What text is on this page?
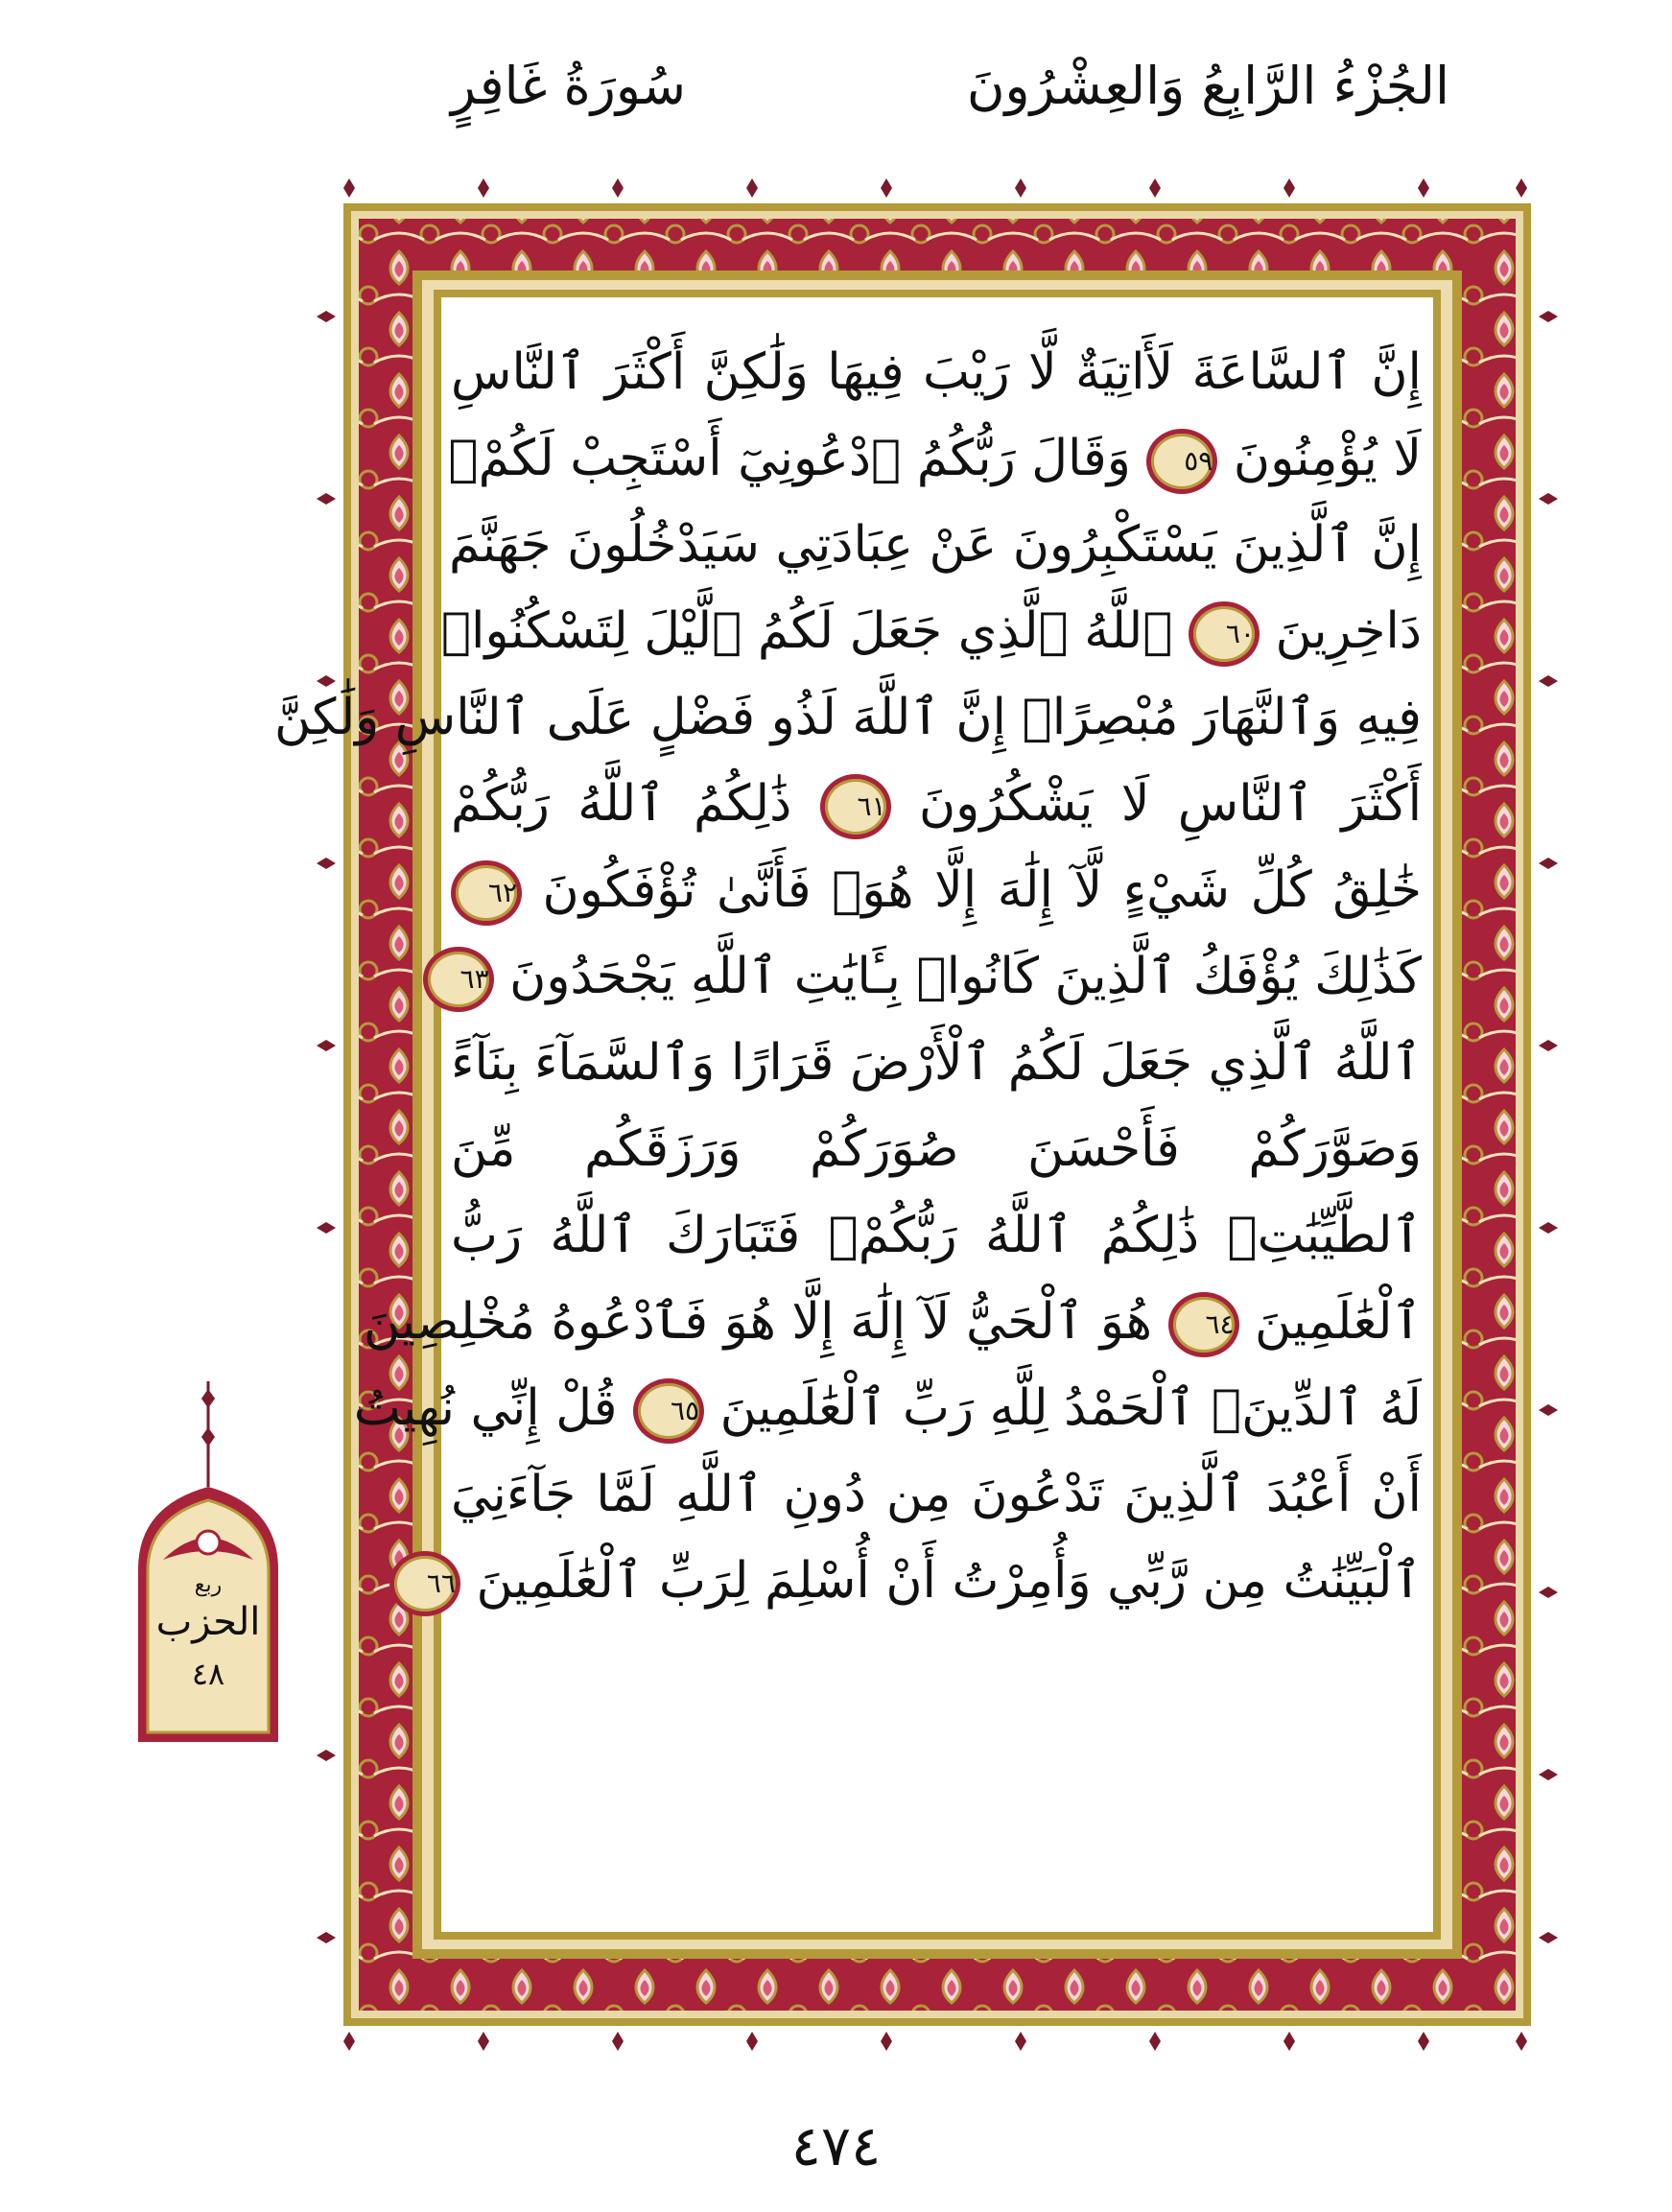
الجُزْءُ الرَّابِعُ وَالعِشْرُونَ
سُورَةُ غَافِرٍ
إِنَّ ٱلسَّاعَةَ لَأَاتِيَةٌ لَّا رَيْبَ فِيهَا وَلَٰكِنَّ أَكْثَرَ ٱلنَّاسِ
لَا يُؤْمِنُونَ ٥٩ وَقَالَ رَبُّكُمُ ٱدْعُونِيٓ أَسْتَجِبْ لَكُمْۚ
إِنَّ ٱلَّذِينَ يَسْتَكْبِرُونَ عَنْ عِبَادَتِي سَيَدْخُلُونَ جَهَنَّمَ
دَاخِرِينَ ٦٠ ٱللَّهُ ٱلَّذِي جَعَلَ لَكُمُ ٱلَّيْلَ لِتَسْكُنُوا۟
فِيهِ وَٱلنَّهَارَ مُبْصِرًاۚ إِنَّ ٱللَّهَ لَذُو فَضْلٍ عَلَى ٱلنَّاسِ وَلَٰكِنَّ
أَكْثَرَ ٱلنَّاسِ لَا يَشْكُرُونَ ٦١ ذَٰلِكُمُ ٱللَّهُ رَبُّكُمْ
خَٰلِقُ كُلِّ شَيْءٍ لَّآ إِلَٰهَ إِلَّا هُوَۖ فَأَنَّىٰ تُؤْفَكُونَ ٦٢
كَذَٰلِكَ يُؤْفَكُ ٱلَّذِينَ كَانُوا۟ بِـَٔايَٰتِ ٱللَّهِ يَجْحَدُونَ ٦٣
ٱللَّهُ ٱلَّذِي جَعَلَ لَكُمُ ٱلْأَرْضَ قَرَارًا وَٱلسَّمَآءَ بِنَآءً
وَصَوَّرَكُمْ فَأَحْسَنَ صُوَرَكُمْ وَرَزَقَكُم مِّنَ
ٱلطَّيِّبَٰتِۚ ذَٰلِكُمُ ٱللَّهُ رَبُّكُمْۖ فَتَبَارَكَ ٱللَّهُ رَبُّ
ٱلْعَٰلَمِينَ ٦٤ هُوَ ٱلْحَيُّ لَآ إِلَٰهَ إِلَّا هُوَ فَٱدْعُوهُ مُخْلِصِينَ
لَهُ ٱلدِّينَۗ ٱلْحَمْدُ لِلَّهِ رَبِّ ٱلْعَٰلَمِينَ ٦٥ قُلْ إِنِّي نُهِيتُ
أَنْ أَعْبُدَ ٱلَّذِينَ تَدْعُونَ مِن دُونِ ٱللَّهِ لَمَّا جَآءَنِيَ
ٱلْبَيِّنَٰتُ مِن رَّبِّي وَأُمِرْتُ أَنْ أُسْلِمَ لِرَبِّ ٱلْعَٰلَمِينَ ٦٦
ربع
الحزب
٤٨
٤٧٤
